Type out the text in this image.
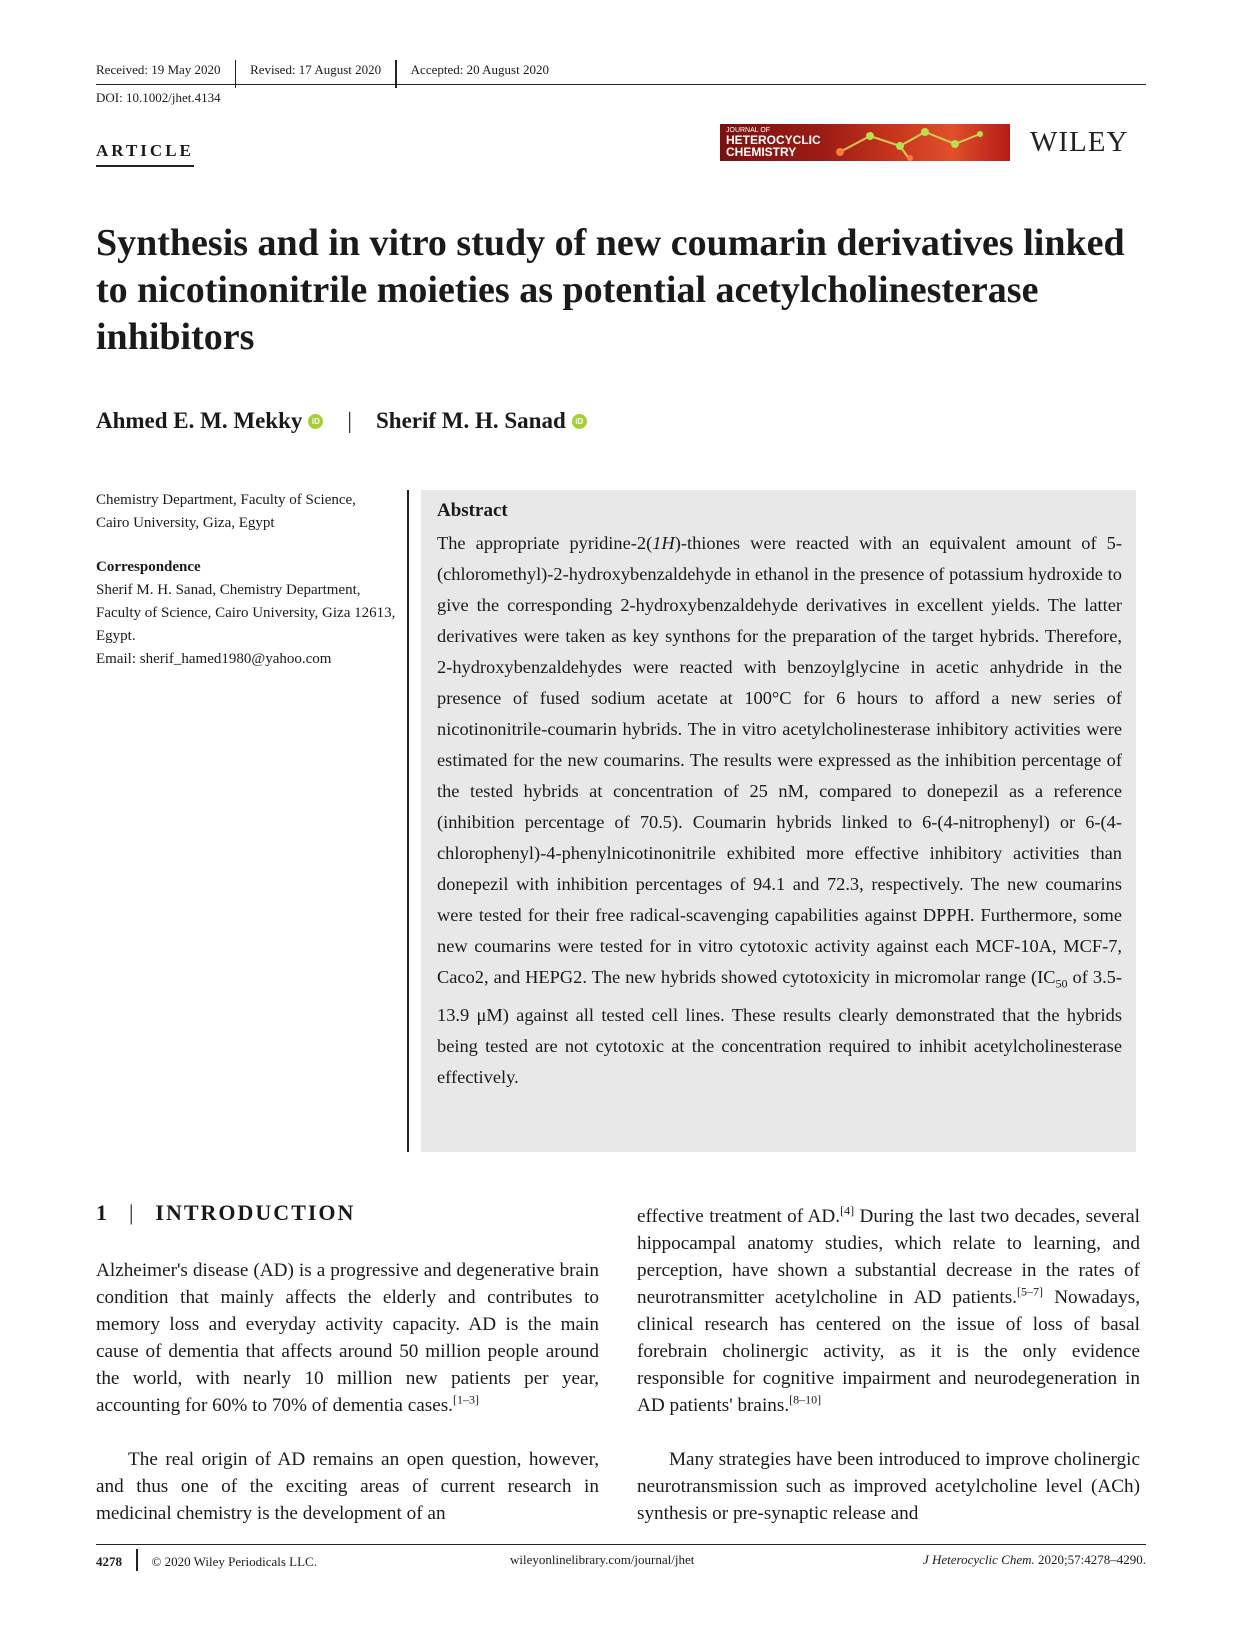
Received: 19 May 2020 Revised: 17 August 2020 Accepted: 20 August 2020
DOI: 10.1002/jhet.4134
ARTICLE
JOURNAL OF
HETEROCYCLIC
CHEMISTRY	WILEY
Synthesis and in vitro study of new coumarin derivatives linked to nicotinonitrile moieties as potential acetylcholinesterase inhibitors
Ahmed E. M. Mekky	iD | Sherif M. H. Sanad	iD
Chemistry Department, Faculty of Science, Cairo University, Giza, Egypt
Correspondence
Sherif M. H. Sanad, Chemistry Department, Faculty of Science, Cairo University, Giza 12613, Egypt.
Email: sherif_hamed1980@yahoo.com
Abstract
The appropriate pyridine-2(1H)-thiones were reacted with an equivalent amount of 5-(chloromethyl)-2-hydroxybenzaldehyde in ethanol in the presence of potassium hydroxide to give the corresponding 2-hydroxybenzaldehyde derivatives in excellent yields. The latter derivatives were taken as key synthons for the preparation of the target hybrids. Therefore, 2-hydroxybenzaldehydes were reacted with benzoylglycine in acetic anhydride in the presence of fused sodium acetate at 100°C for 6 hours to afford a new series of nicotinonitrile-coumarin hybrids. The in vitro acetylcholinesterase inhibitory activities were estimated for the new coumarins. The results were expressed as the inhibition percentage of the tested hybrids at concentration of 25 nM, compared to donepezil as a reference (inhibition percentage of 70.5). Coumarin hybrids linked to 6-(4-nitrophenyl) or 6-(4-chlorophenyl)-4-phenylnicotinonitrile exhibited more effective inhibitory activities than donepezil with inhibition percentages of 94.1 and 72.3, respectively. The new coumarins were tested for their free radical-scavenging capabilities against DPPH. Furthermore, some new coumarins were tested for in vitro cytotoxic activity against each MCF-10A, MCF-7, Caco2, and HEPG2. The new hybrids showed cytotoxicity in micromolar range ($IC_{50}$ of 3.5-13.9 μM) against all tested cell lines. These results clearly demonstrated that the hybrids being tested are not cytotoxic at the concentration required to inhibit acetylcholinesterase effectively.
1 | INTRODUCTION
Alzheimer's disease (AD) is a progressive and degenerative brain condition that mainly affects the elderly and contributes to memory loss and everyday activity capacity. AD is the main cause of dementia that affects around 50 million people around the world, with nearly 10 million new patients per year, accounting for 60% to 70% of dementia cases.[1–3]
The real origin of AD remains an open question, however, and thus one of the exciting areas of current research in medicinal chemistry is the development of an
effective treatment of AD.[4] During the last two decades, several hippocampal anatomy studies, which relate to learning, and perception, have shown a substantial decrease in the rates of neurotransmitter acetylcholine in AD patients.[5–7] Nowadays, clinical research has centered on the issue of loss of basal forebrain cholinergic activity, as it is the only evidence responsible for cognitive impairment and neurodegeneration in AD patients' brains.[8–10]
Many strategies have been introduced to improve cholinergic neurotransmission such as improved acetylcholine level (ACh) synthesis or pre-synaptic release and
4278 © 2020 Wiley Periodicals LLC.	wileyonlinelibrary.com/journal/jhet	J Heterocyclic Chem. 2020;57:4278–4290.
